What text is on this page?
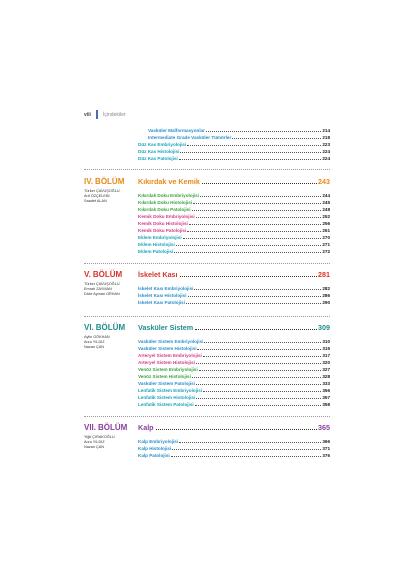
viii İçindekiler
Vasküler Malformasyonlar	214
Intermediate Grade Vasküler Tümörler	218
Düz Kas Embriyolojisi	223
Düz Kas Histolojisi	224
Düz Kas Patolojisi	224
IV. BÖLÜM
Türker ÇAVUŞOĞLU
Arif ÖZÇELEBİ
Saadet ALAN
Kıkırdak ve Kemik	243
Kıkırdak Doku Embriyolojisi	244
Kıkırdak Doku Histolojisi	245
Kıkırdak Doku Patolojisi	248
Kemik Doku Embriyolojisi	252
Kemik Doku Histolojisi	256
Kemik Doku Patolojisi	261
Eklem Embriyolojisi	270
Eklem Histolojisi	271
Eklem Patolojisi	272
V. BÖLÜM
Türker ÇAVUŞOĞLU
Emrah ZAYMAN
Dicle Ayman ORHAN
İskelet Kası	281
İskelet Kası Embriyolojisi	282
İskelet Kası Histolojisi	286
İskelet Kası Patolojisi	290
VI. BÖLÜM
Aylin GÖKHAN
Arzu YILDIZ
Nazan ÇAN
Vasküler Sistem	309
Vasküler Sistem Embriyolojisi	310
Vasküler Sistem Histolojisi	315
Arteryel Sistem Embriyolojisi	317
Arteryel Sistem Histolojisi	320
Venöz Sistem Embriyolojisi	327
Venöz Sistem Histolojisi	328
Vasküler Sistem Patolojisi	333
Lenfatik Sistem Embriyolojisi	356
Lenfatik Sistem Histolojisi	357
Lenfatik Sistem Patolojisi	358
VII. BÖLÜM
Yiğit ÇIRAKOĞLU
Arzu YILDIZ
Nazan ÇAN
Kalp	365
Kalp Embriyolojisi	366
Kalp Histolojisi	371
Kalp Patolojisi	376
